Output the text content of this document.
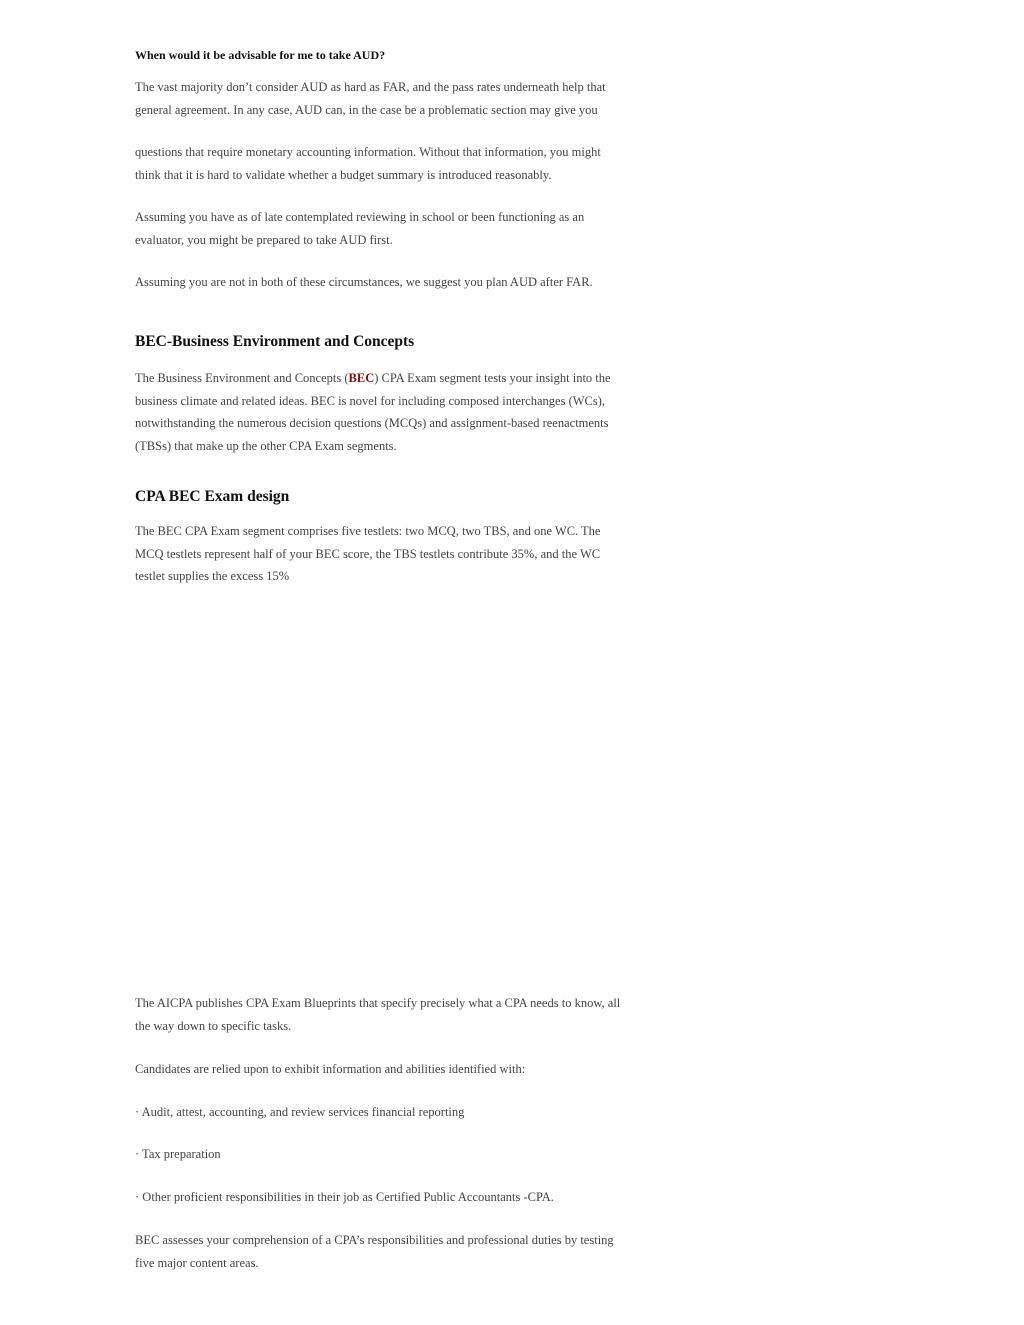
When would it be advisable for me to take AUD?

The vast majority don’t consider AUD as hard as FAR, and the pass rates underneath help that
general agreement. In any case, AUD can, in the case be a problematic section may give you

questions that require monetary accounting information. Without that information, you might
think that it is hard to validate whether a budget summary is introduced reasonably.

Assuming you have as of late contemplated reviewing in school or been functioning as an
evaluator, you might be prepared to take AUD first.

Assuming you are not in both of these circumstances, we suggest you plan AUD after FAR.

BEC-Business Environment and Concepts

The Business Environment and Concepts (BEC) CPA Exam segment tests your insight into the
business climate and related ideas. BEC is novel for including composed interchanges (WCs),
notwithstanding the numerous decision questions (MCQs) and assignment-based reenactments
(TBSs) that make up the other CPA Exam segments.

CPA BEC Exam design

The BEC CPA Exam segment comprises five testlets: two MCQ, two TBS, and one WC. The
MCQ testlets represent half of your BEC score, the TBS testlets contribute 35%, and the WC
testlet supplies the excess 15%

The AICPA publishes CPA Exam Blueprints that specify precisely what a CPA needs to know, all
the way down to specific tasks.

Candidates are relied upon to exhibit information and abilities identified with:

· Audit, attest, accounting, and review services financial reporting

· Tax preparation

· Other proficient responsibilities in their job as Certified Public Accountants -CPA.

BEC assesses your comprehension of a CPA’s responsibilities and professional duties by testing
five major content areas.
